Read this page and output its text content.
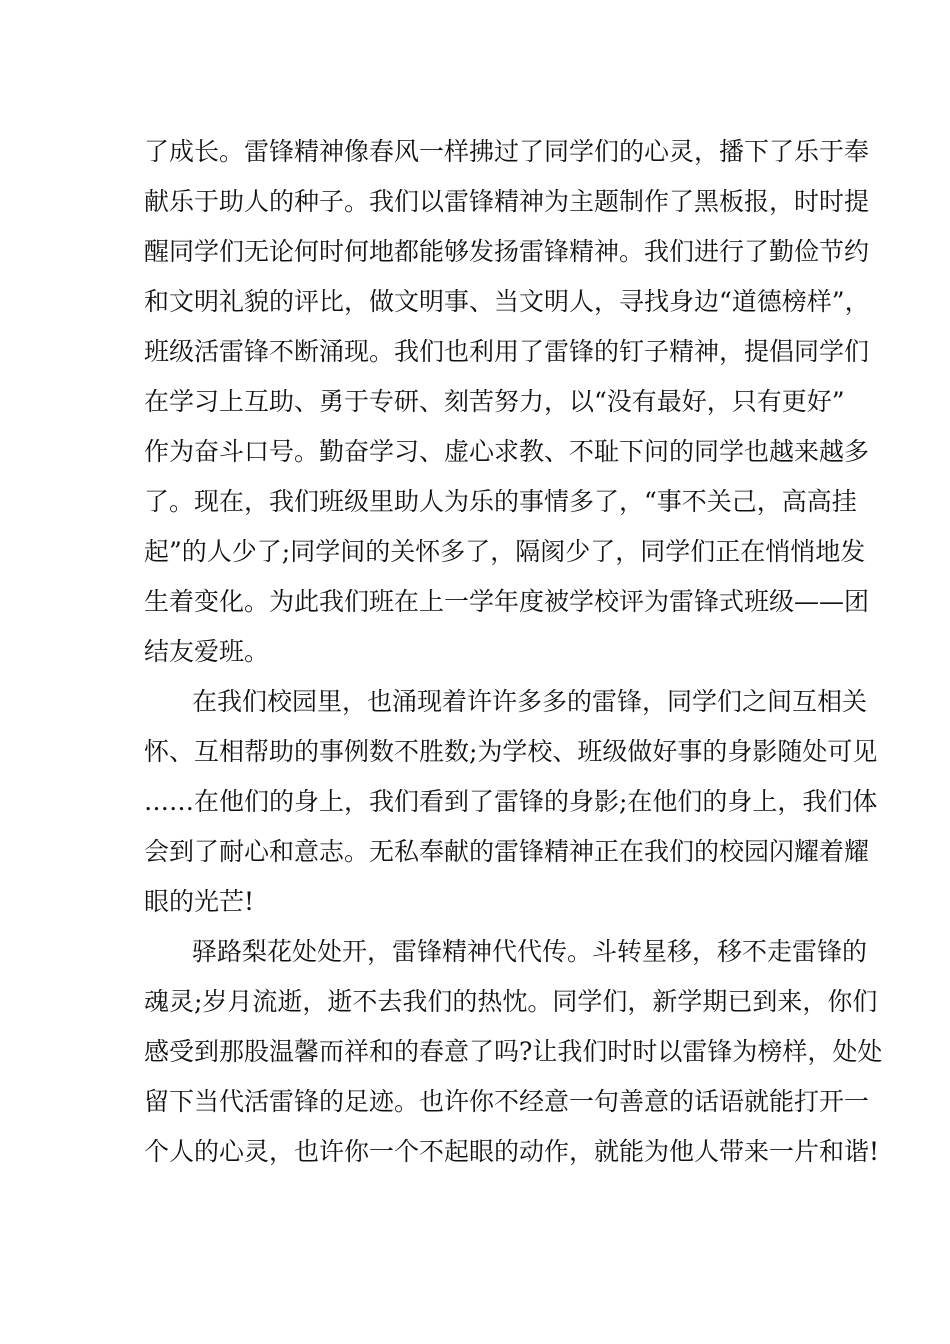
了成长。雷锋精神像春风一样拂过了同学们的心灵，播下了乐于奉
献乐于助人的种子。我们以雷锋精神为主题制作了黑板报，时时提
醒同学们无论何时何地都能够发扬雷锋精神。我们进行了勤俭节约
和文明礼貌的评比，做文明事、当文明人，寻找身边“道德榜样”，
班级活雷锋不断涌现。我们也利用了雷锋的钉子精神，提倡同学们
在学习上互助、勇于专研、刻苦努力，以“没有最好，只有更好”
作为奋斗口号。勤奋学习、虚心求教、不耻下问的同学也越来越多
了。现在，我们班级里助人为乐的事情多了，“事不关己，高高挂
起”的人少了;同学间的关怀多了，隔阂少了，同学们正在悄悄地发
生着变化。为此我们班在上一学年度被学校评为雷锋式班级——团
结友爱班。
在我们校园里，也涌现着许许多多的雷锋，同学们之间互相关
怀、互相帮助的事例数不胜数;为学校、班级做好事的身影随处可见
……在他们的身上，我们看到了雷锋的身影;在他们的身上，我们体
会到了耐心和意志。无私奉献的雷锋精神正在我们的校园闪耀着耀
眼的光芒!
驿路梨花处处开，雷锋精神代代传。斗转星移，移不走雷锋的
魂灵;岁月流逝，逝不去我们的热忱。同学们，新学期已到来，你们
感受到那股温馨而祥和的春意了吗?让我们时时以雷锋为榜样，处处
留下当代活雷锋的足迹。也许你不经意一句善意的话语就能打开一
个人的心灵，也许你一个不起眼的动作，就能为他人带来一片和谐!
